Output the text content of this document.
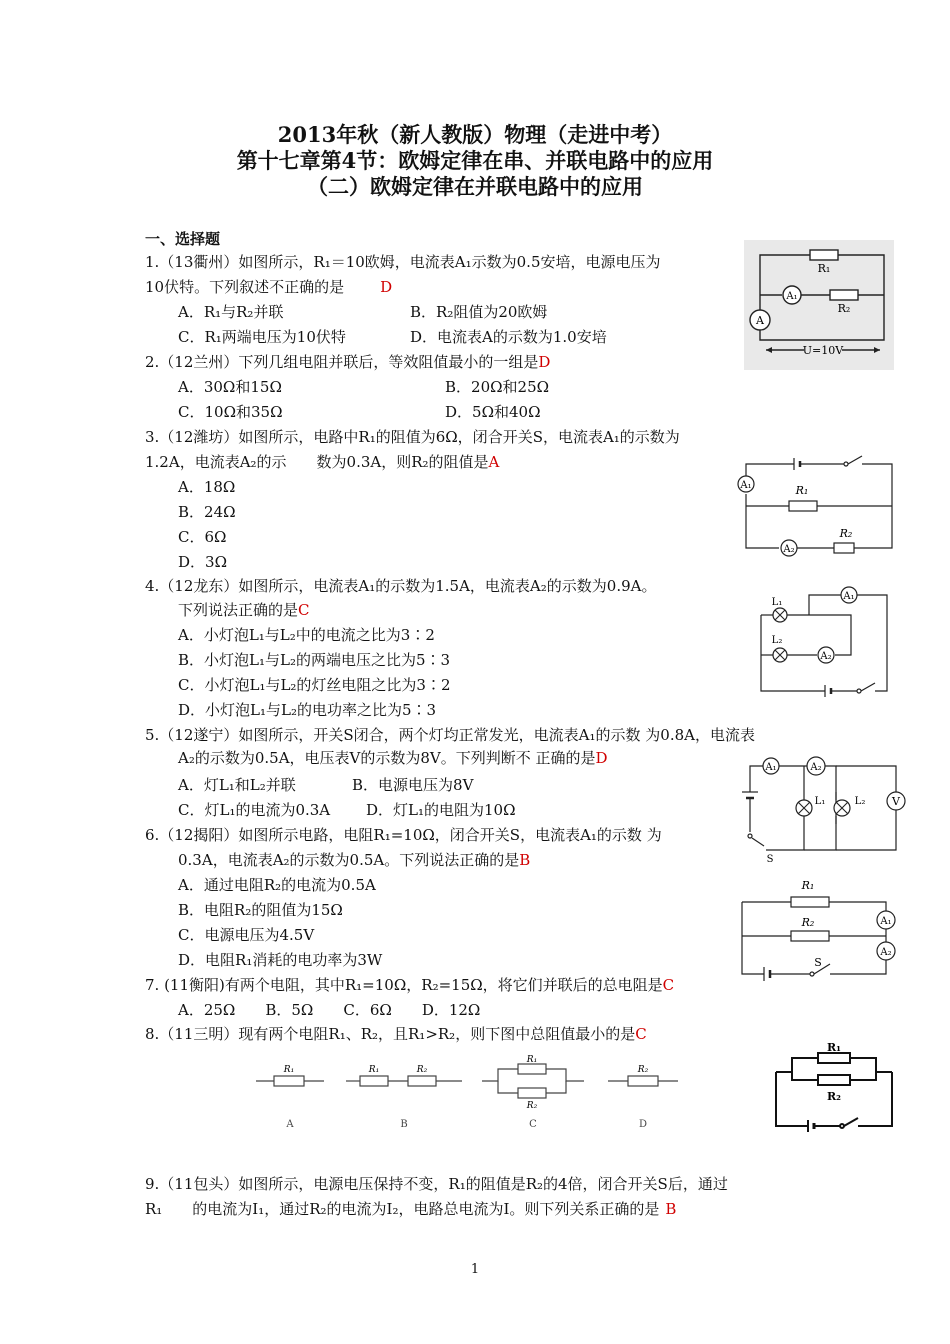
2013年秋（新人教版）物理（走进中考）
第十七章第4节：欧姆定律在串、并联电路中的应用
（二）欧姆定律在并联电路中的应用
一、选择题
1.（13衢州）如图所示，R₁＝10欧姆，电流表A₁示数为0.5安培，电源电压为
10伏特。下列叙述不正确的是 D
A．R₁与R₂并联	B．R₂阻值为20欧姆
C．R₁两端电压为10伏特	D．电流表A的示数为1.0安培
R₁
R₂
A₁
A
U=10V
2.（12兰州）下列几组电阻并联后，等效阻值最小的一组是D
A．30Ω和15Ω	B．20Ω和25Ω
C．10Ω和35Ω	D．5Ω和40Ω
3.（12潍坊）如图所示，电路中R₁的阻值为6Ω，闭合开关S，电流表A₁的示数为
1.2A，电流表A₂的示　　数为0.3A，则R₂的阻值是A
A．18Ω
B．24Ω
C．6Ω
D．3Ω
A₁	R₁
A₂
R₂
4.（12龙东）如图所示，电流表A₁的示数为1.5A，电流表A₂的示数为0.9A。
下列说法正确的是C
A．小灯泡L₁与L₂中的电流之比为3∶2
B．小灯泡L₁与L₂的两端电压之比为5∶3
C．小灯泡L₁与L₂的灯丝电阻之比为3∶2
D．小灯泡L₁与L₂的电功率之比为5∶3
L₁
L₂
A₁
A₂
5.（12遂宁）如图所示，开关S闭合，两个灯均正常发光，电流表A₁的示数 为0.8A，电流表
A₂的示数为0.5A，电压表V的示数为8V。下列判断不 正确的是D
A．灯L₁和L₂并联	B．电源电压为8V
C．灯L₁的电流为0.3A D．灯L₁的电阻为10Ω
A₁	A₂
L₁	L₂ V
S
6.（12揭阳）如图所示电路，电阻R₁=10Ω，闭合开关S，电流表A₁的示数 为
0.3A，电流表A₂的示数为0.5A。下列说法正确的是B
A．通过电阻R₂的电流为0.5A
B．电阻R₂的阻值为15Ω
C．电源电压为4.5V
D．电阻R₁消耗的电功率为3W
R₁
R₂	A₁
A₂
S
7. (11衡阳)有两个电阻，其中R₁=10Ω，R₂=15Ω，将它们并联后的总电阻是C
A．25Ω　　B．5Ω　　C．6Ω　　D．12Ω
8.（11三明）现有两个电阻R₁、R₂，且R₁>R₂，则下图中总阻值最小的是C
R₁	R₁	R₂
R₁
R₂
R₂
A	B	C	D
R₁
R₂
9.（11包头）如图所示，电源电压保持不变，R₁的阻值是R₂的4倍，闭合开关S后，通过
R₁　　的电流为I₁，通过R₂的电流为I₂，电路总电流为I。则下列关系正确的是 B
1
